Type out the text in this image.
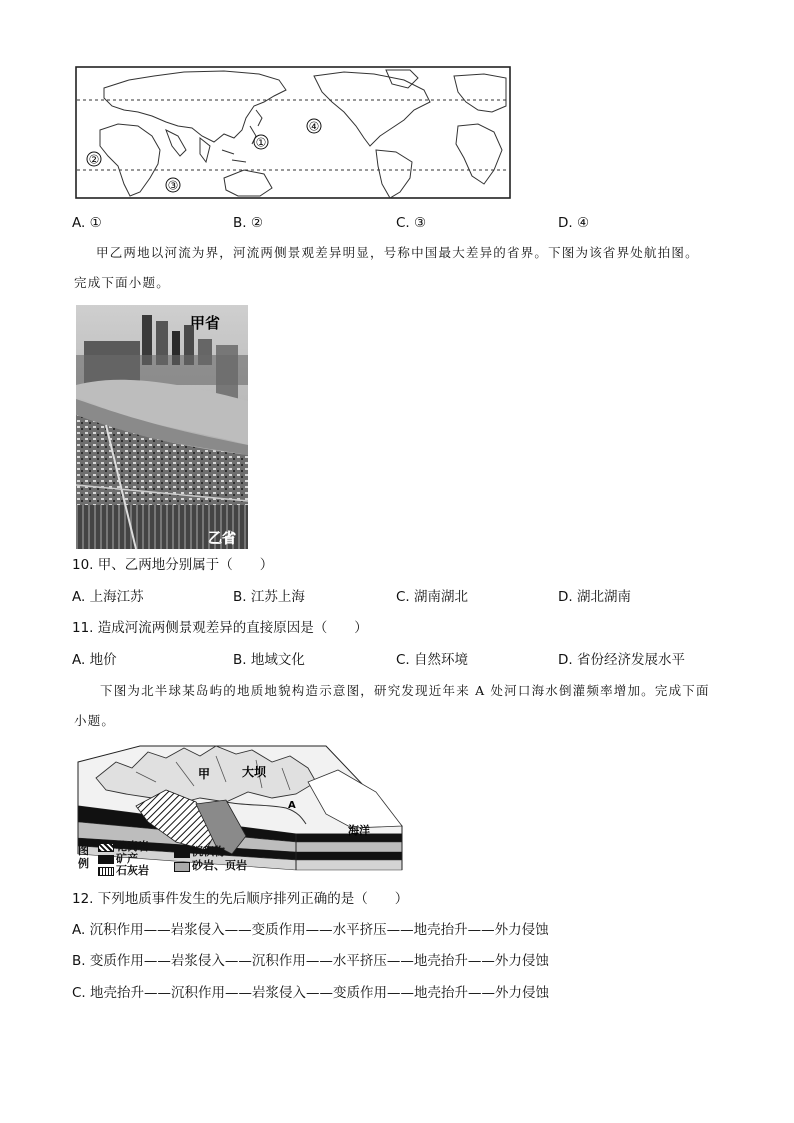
①
②
③
④
A. ①	B. ②	C. ③	D. ④
甲乙两地以河流为界，河流两侧景观差异明显，号称中国最大差异的省界。下图为该省界处航拍图。
完成下面小题。
甲省
乙省
10. 甲、乙两地分别属于（　　）
A. 上海江苏	B. 江苏上海	C. 湖南湖北	D. 湖北湖南
11. 造成河流两侧景观差异的直接原因是（　　）
A. 地价	B. 地域文化	C. 自然环境	D. 省份经济发展水平
下图为北半球某岛屿的地质地貌构造示意图，研究发现近年来 A 处河口海水倒灌频率增加。完成下面
小题。
甲	大坝
A
海洋
图例
花岗岩
矿产
石灰岩
沉积物
砂岩、页岩
12. 下列地质事件发生的先后顺序排列正确的是（　　）
A. 沉积作用——岩浆侵入——变质作用——水平挤压——地壳抬升——外力侵蚀
B. 变质作用——岩浆侵入——沉积作用——水平挤压——地壳抬升——外力侵蚀
C. 地壳抬升——沉积作用——岩浆侵入——变质作用——地壳抬升——外力侵蚀
